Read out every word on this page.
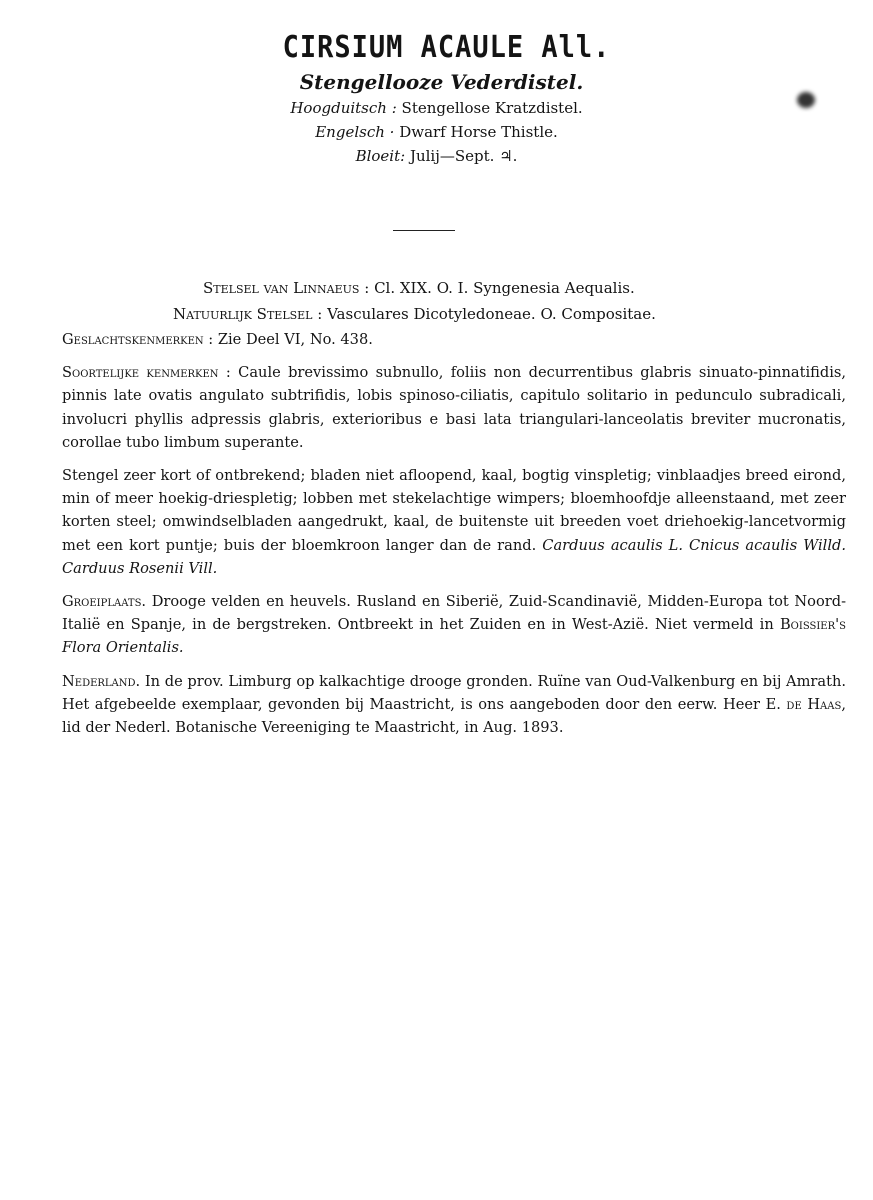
CIRSIUM ACAULE All.
Stengellooze Vederdistel.
Hoogduitsch : Stengellose Kratzdistel.
Engelsch · Dwarf Horse Thistle.
Bloeit: Julij—Sept. ♃.
Stelsel van Linnaeus : Cl. XIX. O. I. Syngenesia Aequalis.
Natuurlijk Stelsel : Vasculares Dicotyledoneae. O. Compositae.

Geslachtskenmerken : Zie Deel VI, No. 438.

Soortelijke kenmerken : Caule brevissimo subnullo, foliis non decurrentibus glabris sinuato-pinnatifidis, pinnis late ovatis angulato subtrifidis, lobis spinoso-ciliatis, capitulo solitario in pedunculo subradicali, involucri phyllis adpressis glabris, exterioribus e basi lata triangulari-lanceolatis breviter mucronatis, corollae tubo limbum superante.

Stengel zeer kort of ontbrekend; bladen niet afloopend, kaal, bogtig vinspletig; vinblaadjes breed eirond, min of meer hoekig-driespletig; lobben met stekelachtige wimpers; bloemhoofdje alleenstaand, met zeer korten steel; omwindselbladen aangedrukt, kaal, de buitenste uit breeden voet driehoekig-lancetvormig met een kort puntje; buis der bloemkroon langer dan de rand. Carduus acaulis L. Cnicus acaulis Willd. Carduus Rosenii Vill.

Groeiplaats. Drooge velden en heuvels. Rusland en Siberië, Zuid-Scandinavië, Midden-Europa tot Noord-Italië en Spanje, in de bergstreken. Ontbreekt in het Zuiden en in West-Azië. Niet vermeld in Boissier's Flora Orientalis.

Nederland. In de prov. Limburg op kalkachtige drooge gronden. Ruïne van Oud-Valkenburg en bij Amrath. Het afgebeelde exemplaar, gevonden bij Maastricht, is ons aangeboden door den eerw. Heer E. de Haas, lid der Nederl. Botanische Vereeniging te Maastricht, in Aug. 1893.
